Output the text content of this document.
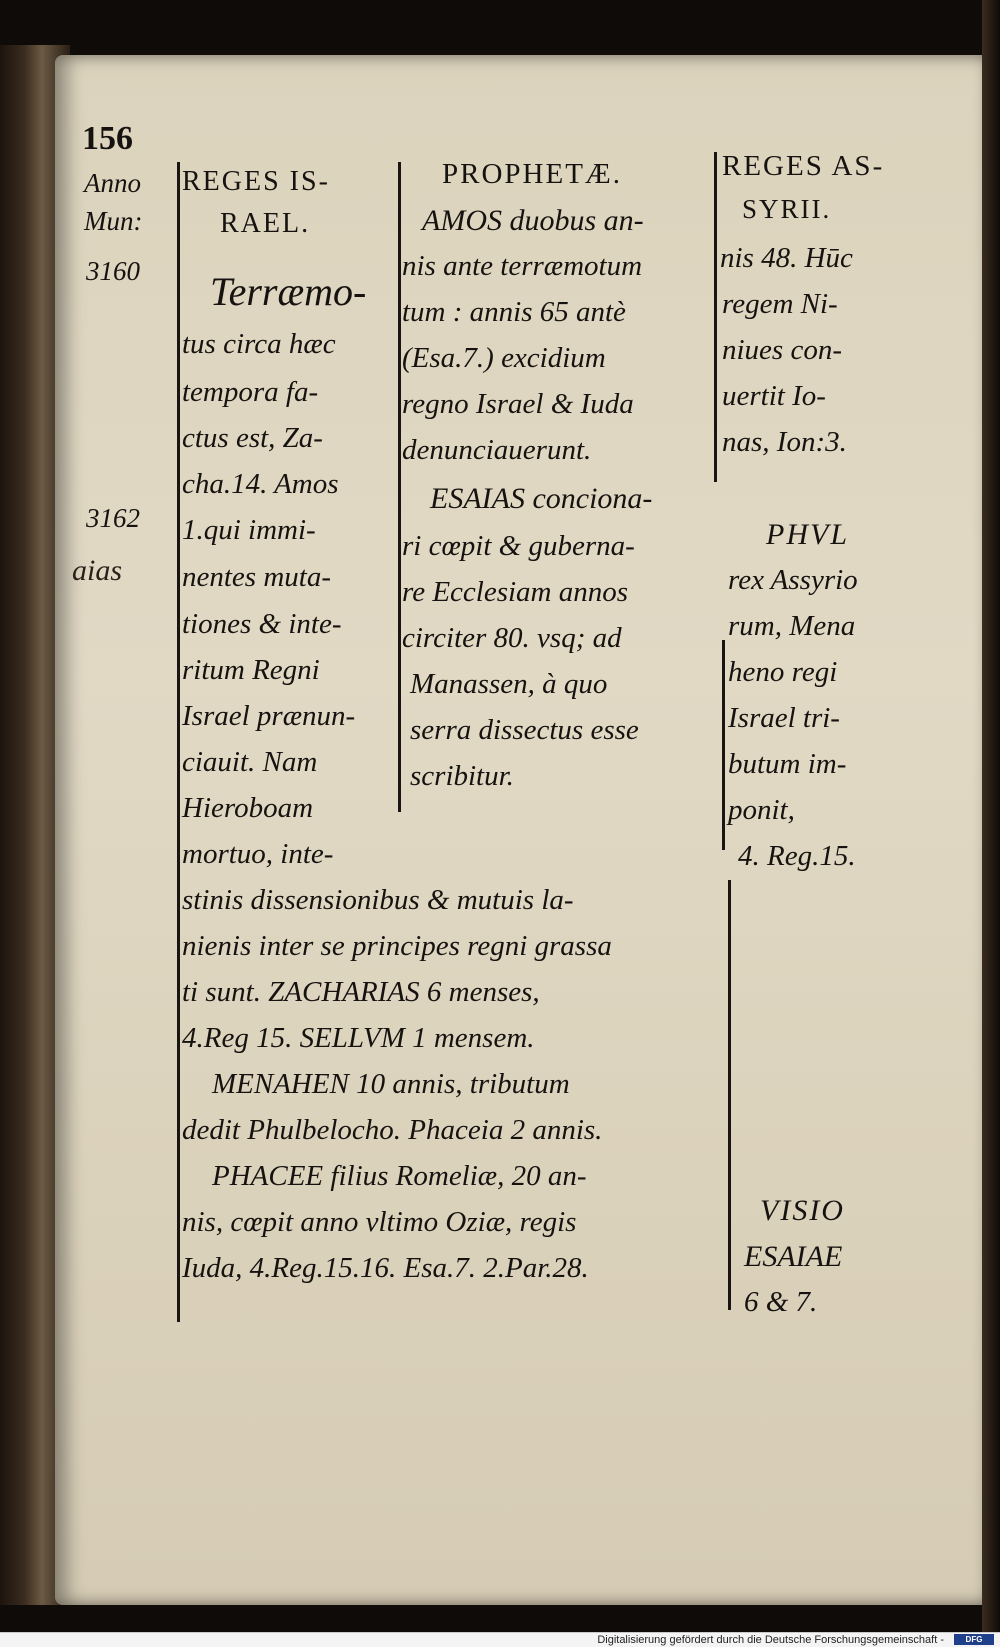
156
Anno
Mun:
3160
3162
aias
REGES IS-
RAEL.
PROPHETÆ.	REGES AS-
SYRII.
Terræmo-
tus circa hæc
tempora fa-
ctus est, Za-
cha.14. Amos
1.qui immi-
nentes muta-
tiones & inte-
ritum Regni
Israel prænun-
ciauit. Nam
Hieroboam
mortuo, inte-
AMOS duobus an-
nis ante terræmotum
tum : annis 65 antè
(Esa.7.) excidium
regno Israel & Iuda
denunciauerunt.
ESAIAS conciona-
ri cœpit & guberna-
re Ecclesiam annos
circiter 80. vsq; ad
Manassen, à quo
serra dissectus esse
scribitur.
nis 48. Hūc
regem Ni-
niues con-
uertit Io-
nas, Ion:3.
PHVL
rex Assyrio
rum, Mena
heno regi
Israel tri-
butum im-
ponit,
4. Reg.15.
stinis dissensionibus & mutuis la-
nienis inter se principes regni grassa
ti sunt. ZACHARIAS 6 menses,
4.Reg 15. SELLVM 1 mensem.
MENAHEN 10 annis, tributum
dedit Phulbelocho. Phaceia 2 annis.
PHACEE filius Romeliæ, 20 an-
nis, cœpit anno vltimo Oziæ, regis
Iuda, 4.Reg.15.16. Esa.7. 2.Par.28.
VISIO
ESAIAE
6 & 7.
Digitalisierung gefördert durch die Deutsche Forschungsgemeinschaft -	DFG
